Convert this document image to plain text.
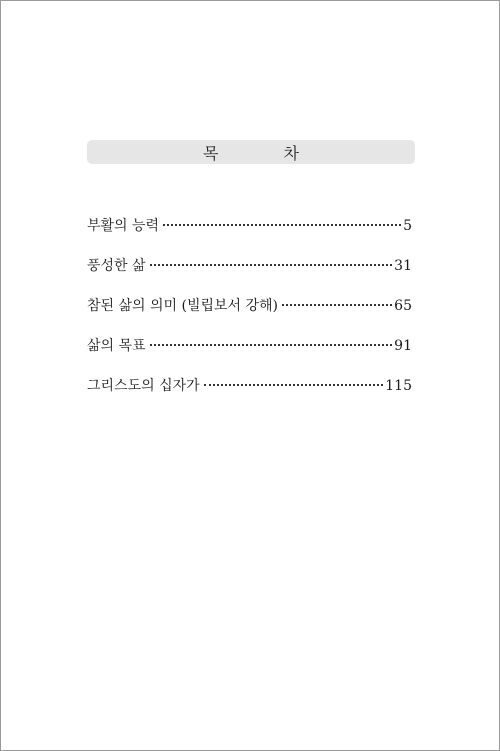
목 차
부활의 능력	5
풍성한 삶	31
참된 삶의 의미 (빌립보서 강해)	65
삶의 목표	91
그리스도의 십자가	115
